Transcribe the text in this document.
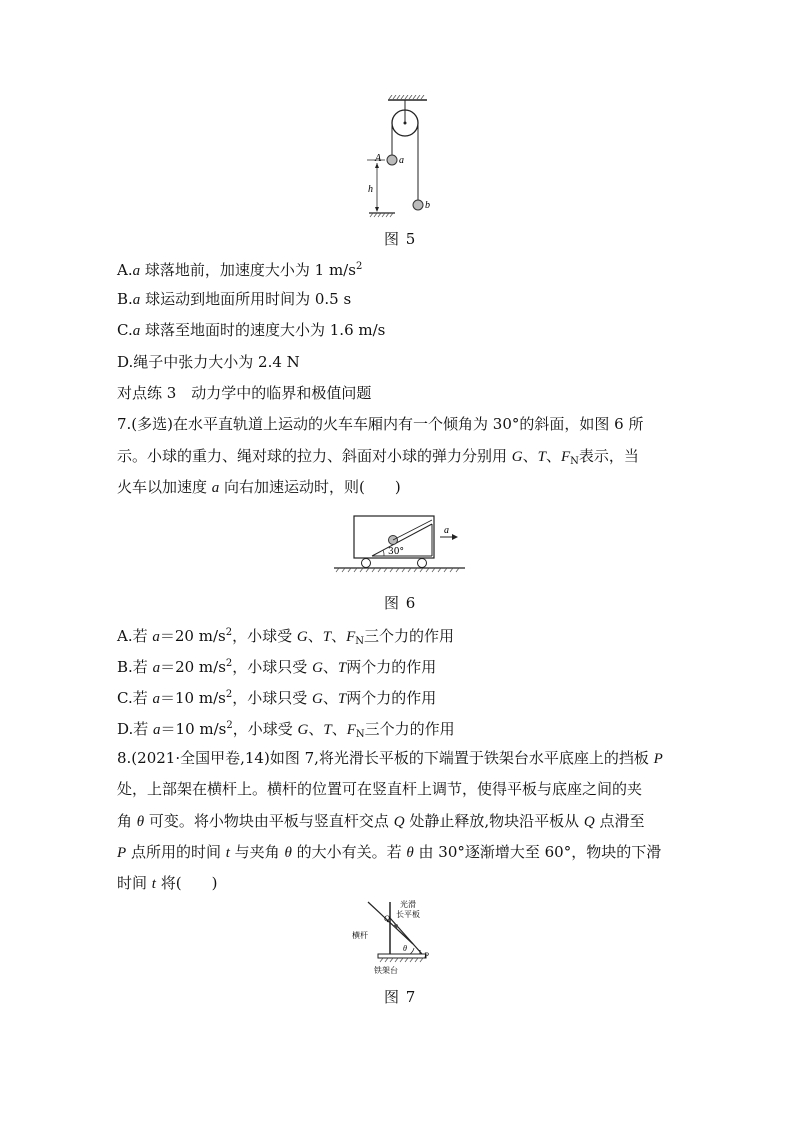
A a
h
b
图 5
A.a 球落地前，加速度大小为 1 $m/s^2$
B.a 球运动到地面所用时间为 0.5 s
C.a 球落至地面时的速度大小为 1.6 m/s
D.绳子中张力大小为 2.4 N
对点练 3　动力学中的临界和极值问题
7.(多选)在水平直轨道上运动的火车车厢内有一个倾角为 30°的斜面，如图 6 所
示。小球的重力、绳对球的拉力、斜面对小球的弹力分别用 G、T、$F_N$表示，当
火车以加速度 a 向右加速运动时，则(　　)
30°
a
图 6
A.若 a＝20 $m/s^2$，小球受 G、T、$F_N$三个力的作用
B.若 a＝20 $m/s^2$，小球只受 G、T两个力的作用
C.若 a＝10 $m/s^2$，小球只受 G、T两个力的作用
D.若 a＝10 $m/s^2$，小球受 G、T、$F_N$三个力的作用
8.(2021·全国甲卷,14)如图 7,将光滑长平板的下端置于铁架台水平底座上的挡板 P
处，上部架在横杆上。横杆的位置可在竖直杆上调节，使得平板与底座之间的夹
角 θ 可变。将小物块由平板与竖直杆交点 Q 处静止释放,物块沿平板从 Q 点滑至
P 点所用的时间 t 与夹角 θ 的大小有关。若 θ 由 30°逐渐增大至 60°，物块的下滑
时间 t 将(　　)
θ
Q
P
光滑
长平板
横杆
铁架台
图 7
